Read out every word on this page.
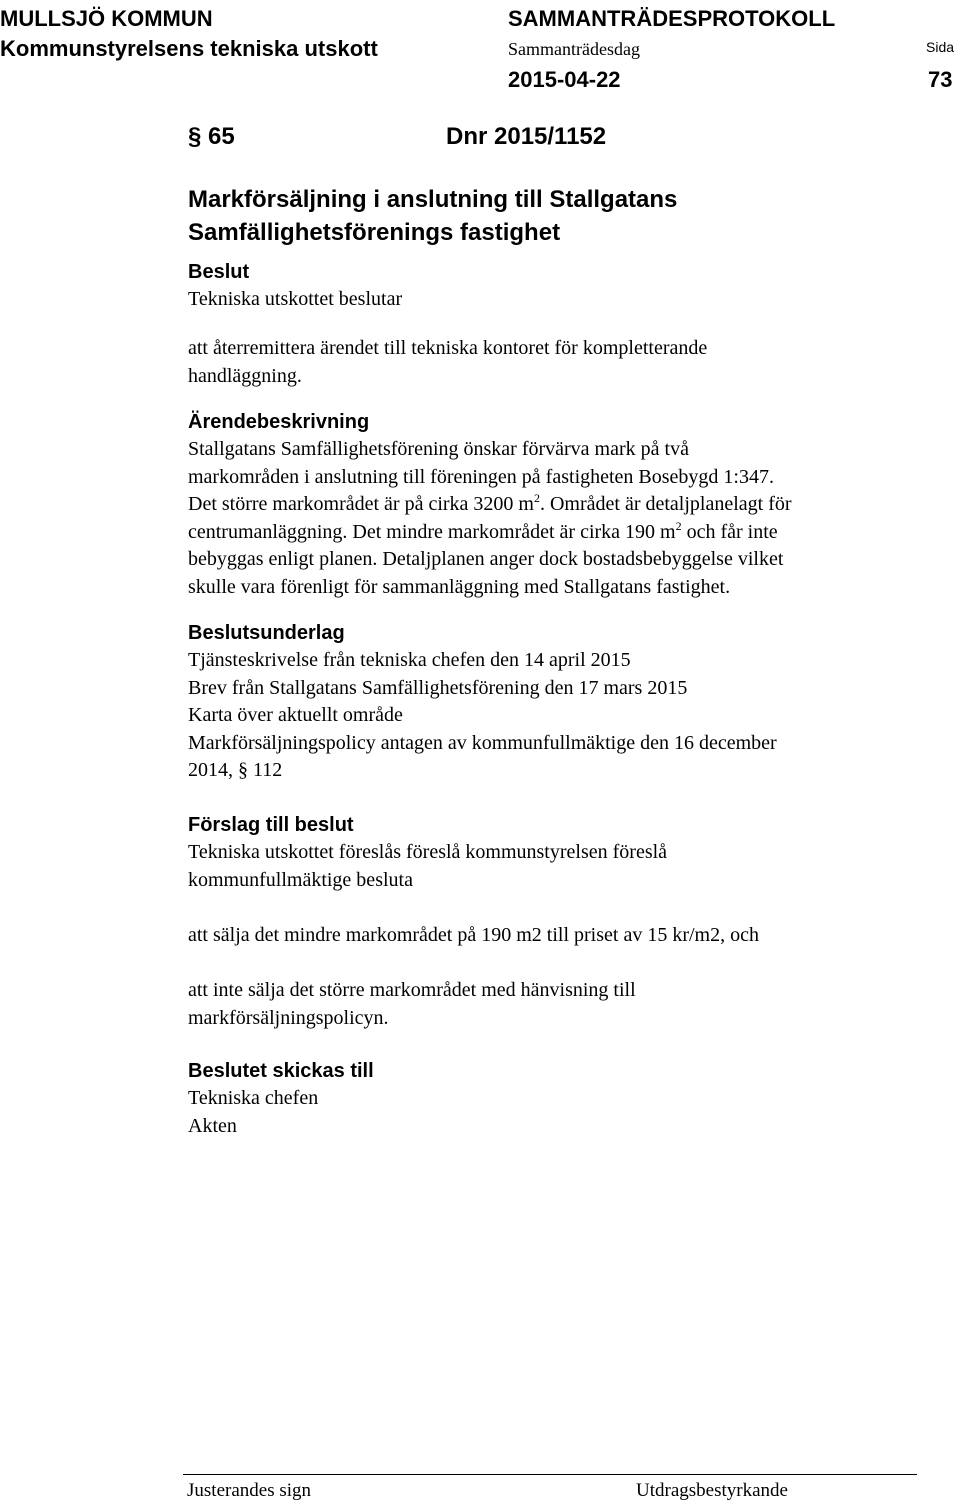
MULLSJÖ KOMMUN
Kommunstyrelsens tekniska utskott
SAMMANTRÄDESPROTOKOLL
Sammanträdesdag
2015-04-22
Sida
73
§ 65	Dnr 2015/1152
Markförsäljning i anslutning till Stallgatans
Samfällighetsförenings fastighet
Beslut
Tekniska utskottet beslutar
att återremittera ärendet till tekniska kontoret för kompletterande
handläggning.
Ärendebeskrivning
Stallgatans Samfällighetsförening önskar förvärva mark på två
markområden i anslutning till föreningen på fastigheten Bosebygd 1:347.
Det större markområdet är på cirka 3200 $m^2$. Området är detaljplanelagt för
centrumanläggning. Det mindre markområdet är cirka 190 $m^2$ och får inte
bebyggas enligt planen. Detaljplanen anger dock bostadsbebyggelse vilket
skulle vara förenligt för sammanläggning med Stallgatans fastighet.
Beslutsunderlag
Tjänsteskrivelse från tekniska chefen den 14 april 2015
Brev från Stallgatans Samfällighetsförening den 17 mars 2015
Karta över aktuellt område
Markförsäljningspolicy antagen av kommunfullmäktige den 16 december
2014, § 112
Förslag till beslut
Tekniska utskottet föreslås föreslå kommunstyrelsen föreslå
kommunfullmäktige besluta
att sälja det mindre markområdet på 190 m2 till priset av 15 kr/m2, och
att inte sälja det större markområdet med hänvisning till
markförsäljningspolicyn.
Beslutet skickas till
Tekniska chefen
Akten
Justerandes sign	Utdragsbestyrkande
